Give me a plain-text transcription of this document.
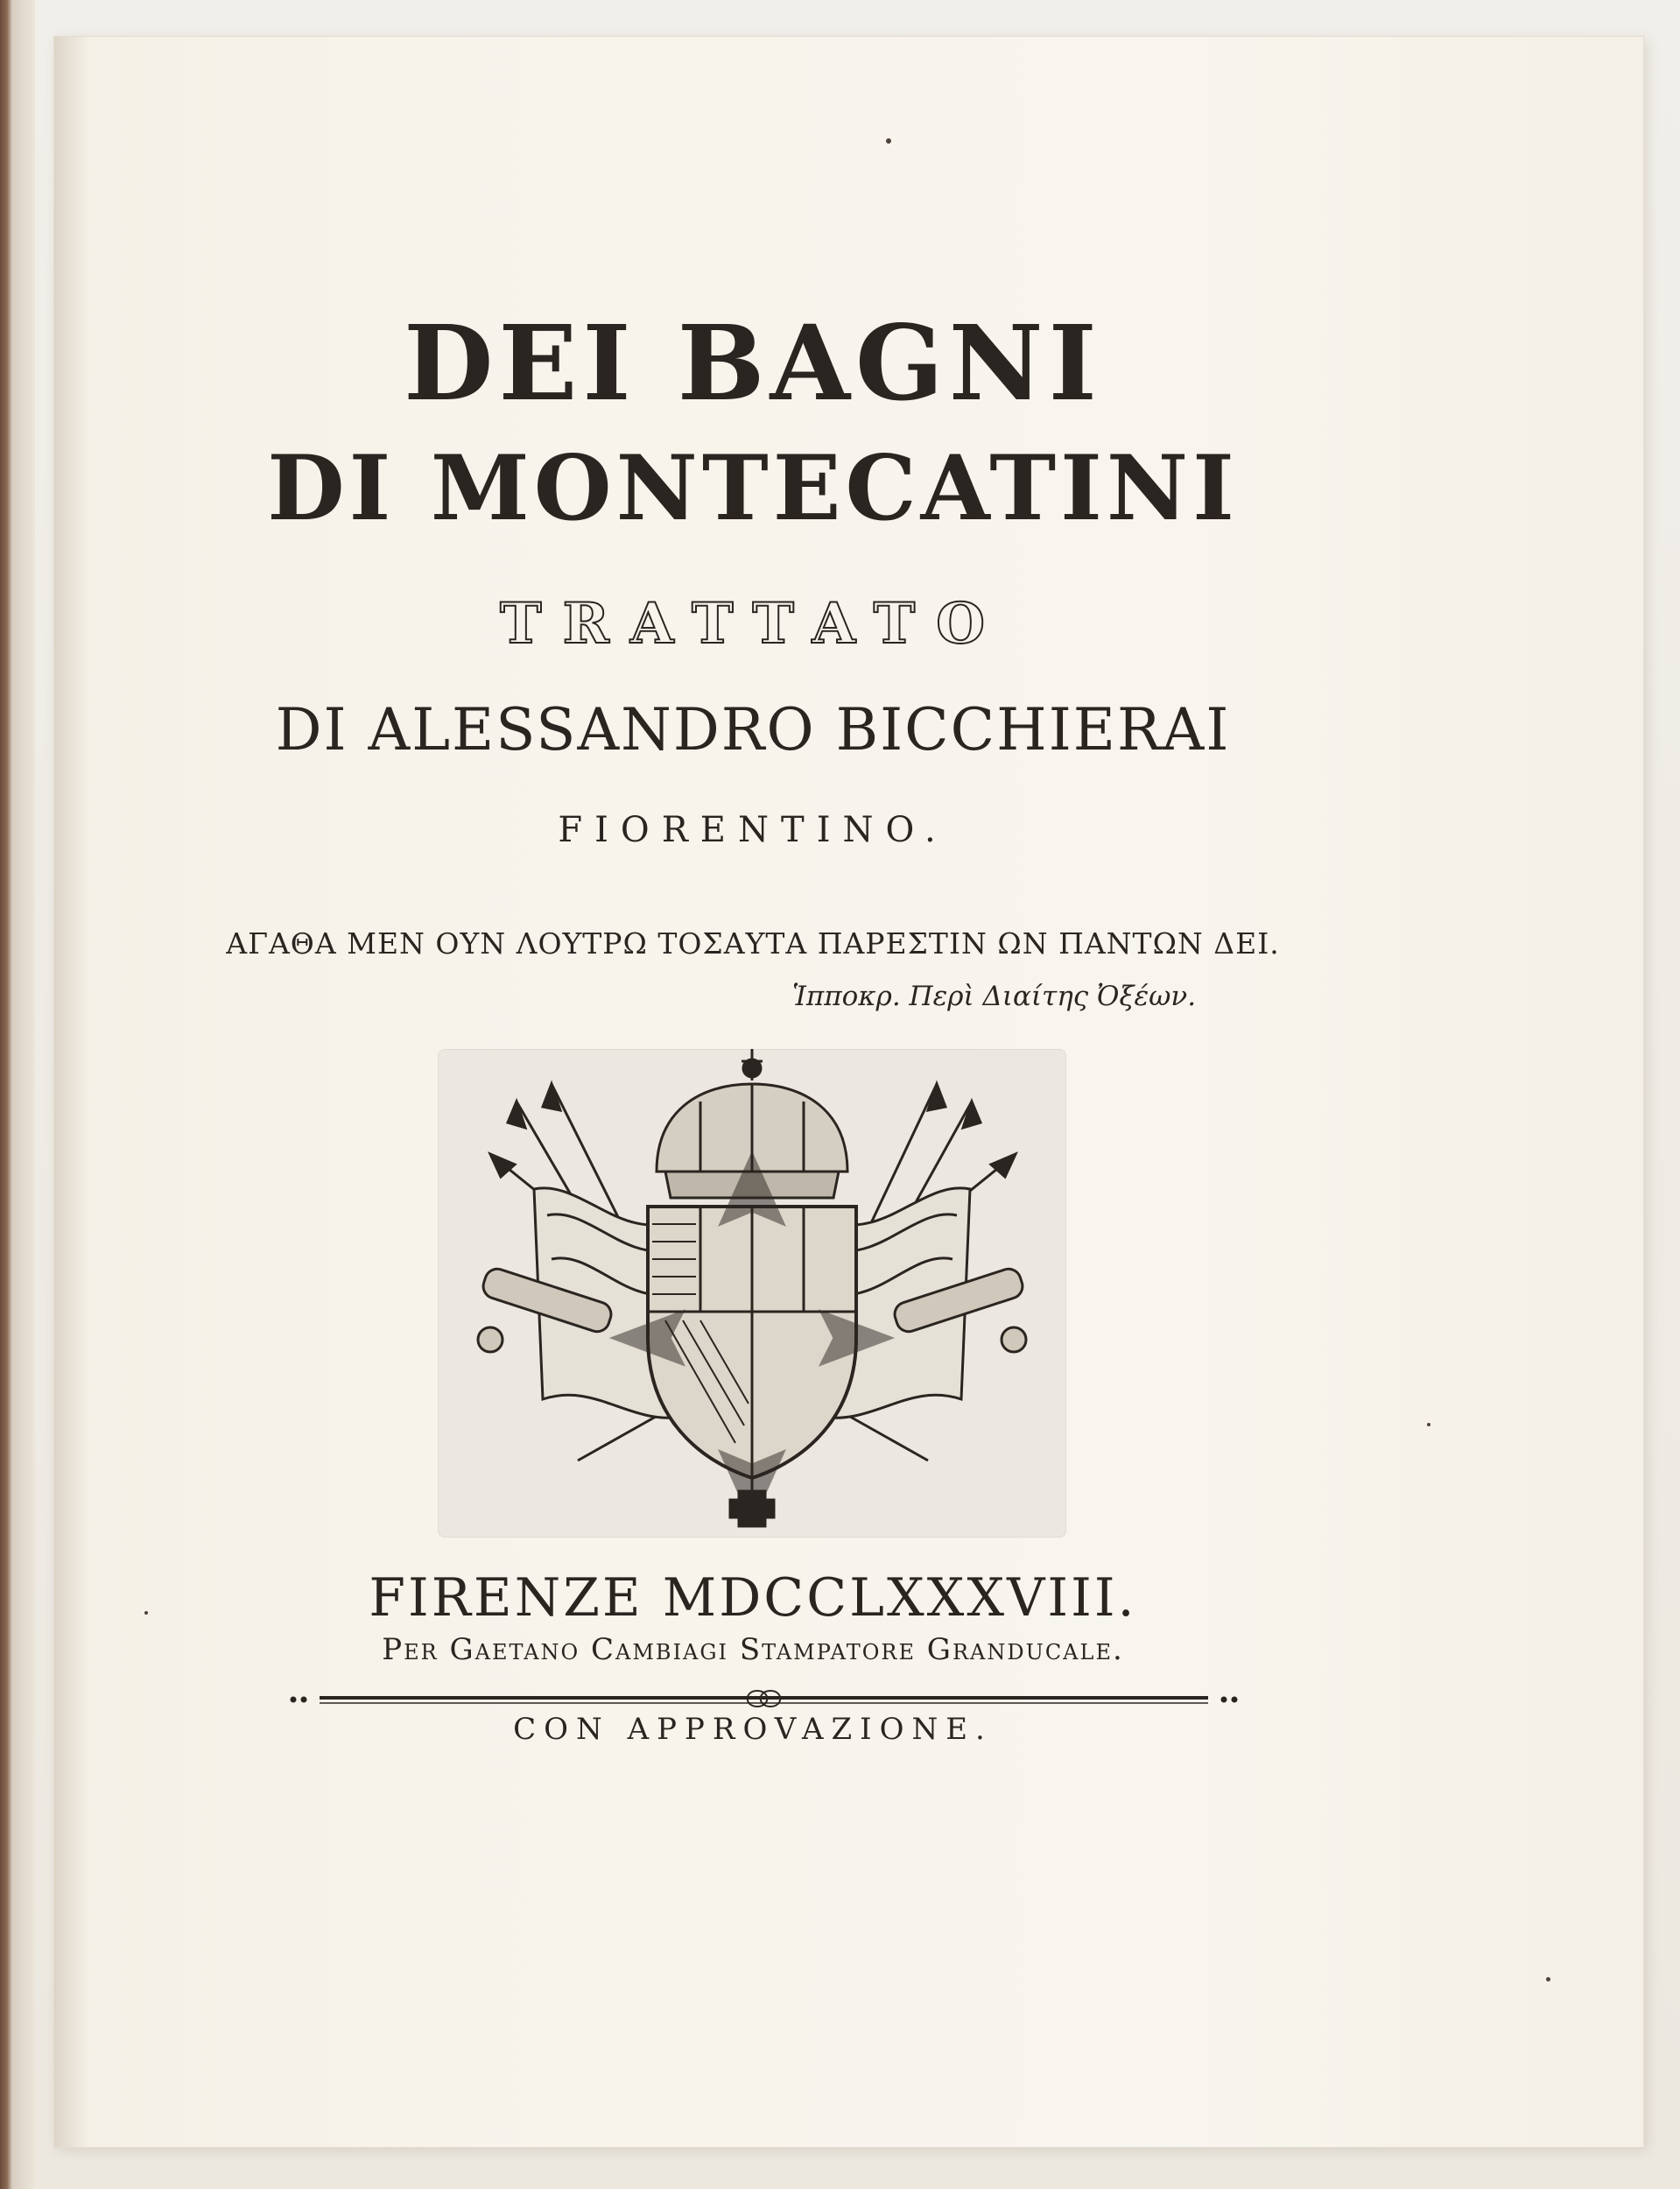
DEI BAGNI
DI MONTECATINI
TRATTATO
DI ALESSANDRO BICCHIERAI
FIORENTINO.
ΑΓΑΘΑ ΜΕΝ ΟΥΝ ΛΟΥΤΡΩ ΤΟΣΑΥΤΑ ΠΑΡΕΣΤΙΝ ΩΝ ΠΑΝΤΩΝ ΔΕΙ.
Ἱπποκρ. Περὶ Διαίτης Ὀξέων.
FIRENZE MDCCLXXXVIII.
Per Gaetano Cambiagi Stampatore Granducale.
CON APPROVAZIONE.
